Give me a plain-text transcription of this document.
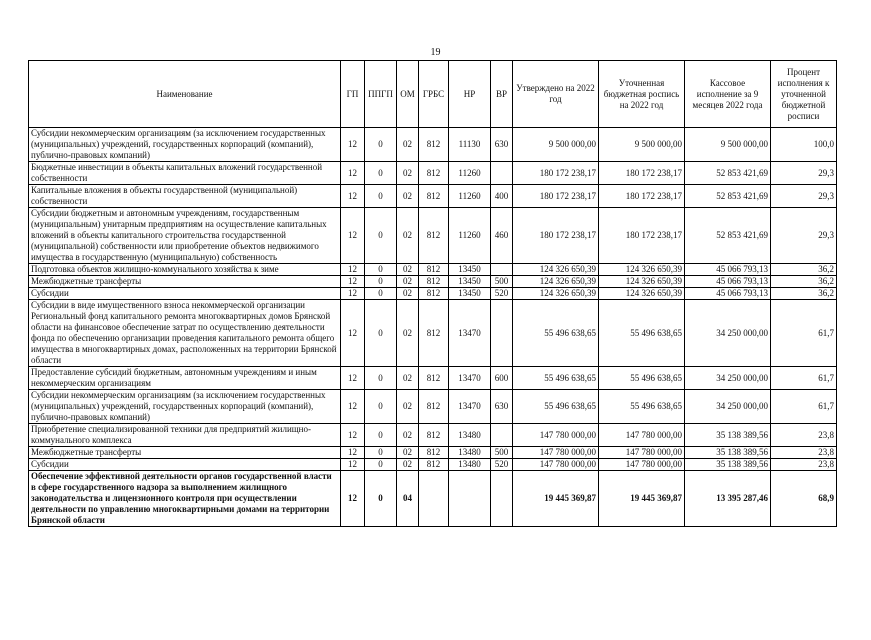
19
Наименование	ГП	ППГП	ОМ	ГРБС	НР	ВР	Утверждено на 2022 год	Уточненная бюджетная роспись на 2022 год	Кассовое исполнение за 9 месяцев 2022 года	Процент исполнения к уточненной бюджетной росписи
Субсидии некоммерческим организациям (за исключением государственных (муниципальных) учреждений, государственных корпораций (компаний), публично-правовых компаний)	12	0	02	812	11130	630	9 500 000,00	9 500 000,00	9 500 000,00	100,0
Бюджетные инвестиции в объекты капитальных вложений государственной собственности	12	0	02	812	11260		180 172 238,17	180 172 238,17	52 853 421,69	29,3
Капитальные вложения в объекты государственной (муниципальной) собственности	12	0	02	812	11260	400	180 172 238,17	180 172 238,17	52 853 421,69	29,3
Субсидии бюджетным и автономным учреждениям, государственным (муниципальным) унитарным предприятиям на осуществление капитальных вложений в объекты капитального строительства государственной (муниципальной) собственности или приобретение объектов недвижимого имущества в государственную (муниципальную) собственность	12	0	02	812	11260	460	180 172 238,17	180 172 238,17	52 853 421,69	29,3
Подготовка объектов жилищно-коммунального хозяйства к зиме	12	0	02	812	13450		124 326 650,39	124 326 650,39	45 066 793,13	36,2
Межбюджетные трансферты	12	0	02	812	13450	500	124 326 650,39	124 326 650,39	45 066 793,13	36,2
Субсидии	12	0	02	812	13450	520	124 326 650,39	124 326 650,39	45 066 793,13	36,2
Субсидии в виде имущественного взноса некоммерческой организации Региональный фонд капитального ремонта многоквартирных домов Брянской области на финансовое обеспечение затрат по осуществлению деятельности фонда по обеспечению организации проведения капитального ремонта общего имущества в многоквартирных домах, расположенных на территории Брянской области	12	0	02	812	13470		55 496 638,65	55 496 638,65	34 250 000,00	61,7
Предоставление субсидий бюджетным, автономным учреждениям и иным некоммерческим организациям	12	0	02	812	13470	600	55 496 638,65	55 496 638,65	34 250 000,00	61,7
Субсидии некоммерческим организациям (за исключением государственных (муниципальных) учреждений, государственных корпораций (компаний), публично-правовых компаний)	12	0	02	812	13470	630	55 496 638,65	55 496 638,65	34 250 000,00	61,7
Приобретение специализированной техники для предприятий жилищно-коммунального комплекса	12	0	02	812	13480		147 780 000,00	147 780 000,00	35 138 389,56	23,8
Межбюджетные трансферты	12	0	02	812	13480	500	147 780 000,00	147 780 000,00	35 138 389,56	23,8
Субсидии	12	0	02	812	13480	520	147 780 000,00	147 780 000,00	35 138 389,56	23,8
Обеспечение эффективной деятельности органов государственной власти в сфере государственного надзора за выполнением жилищного законодательства и лицензионного контроля при осуществлении деятельности по управлению многоквартирными домами на территории Брянской области	12	0	04				19 445 369,87	19 445 369,87	13 395 287,46	68,9
